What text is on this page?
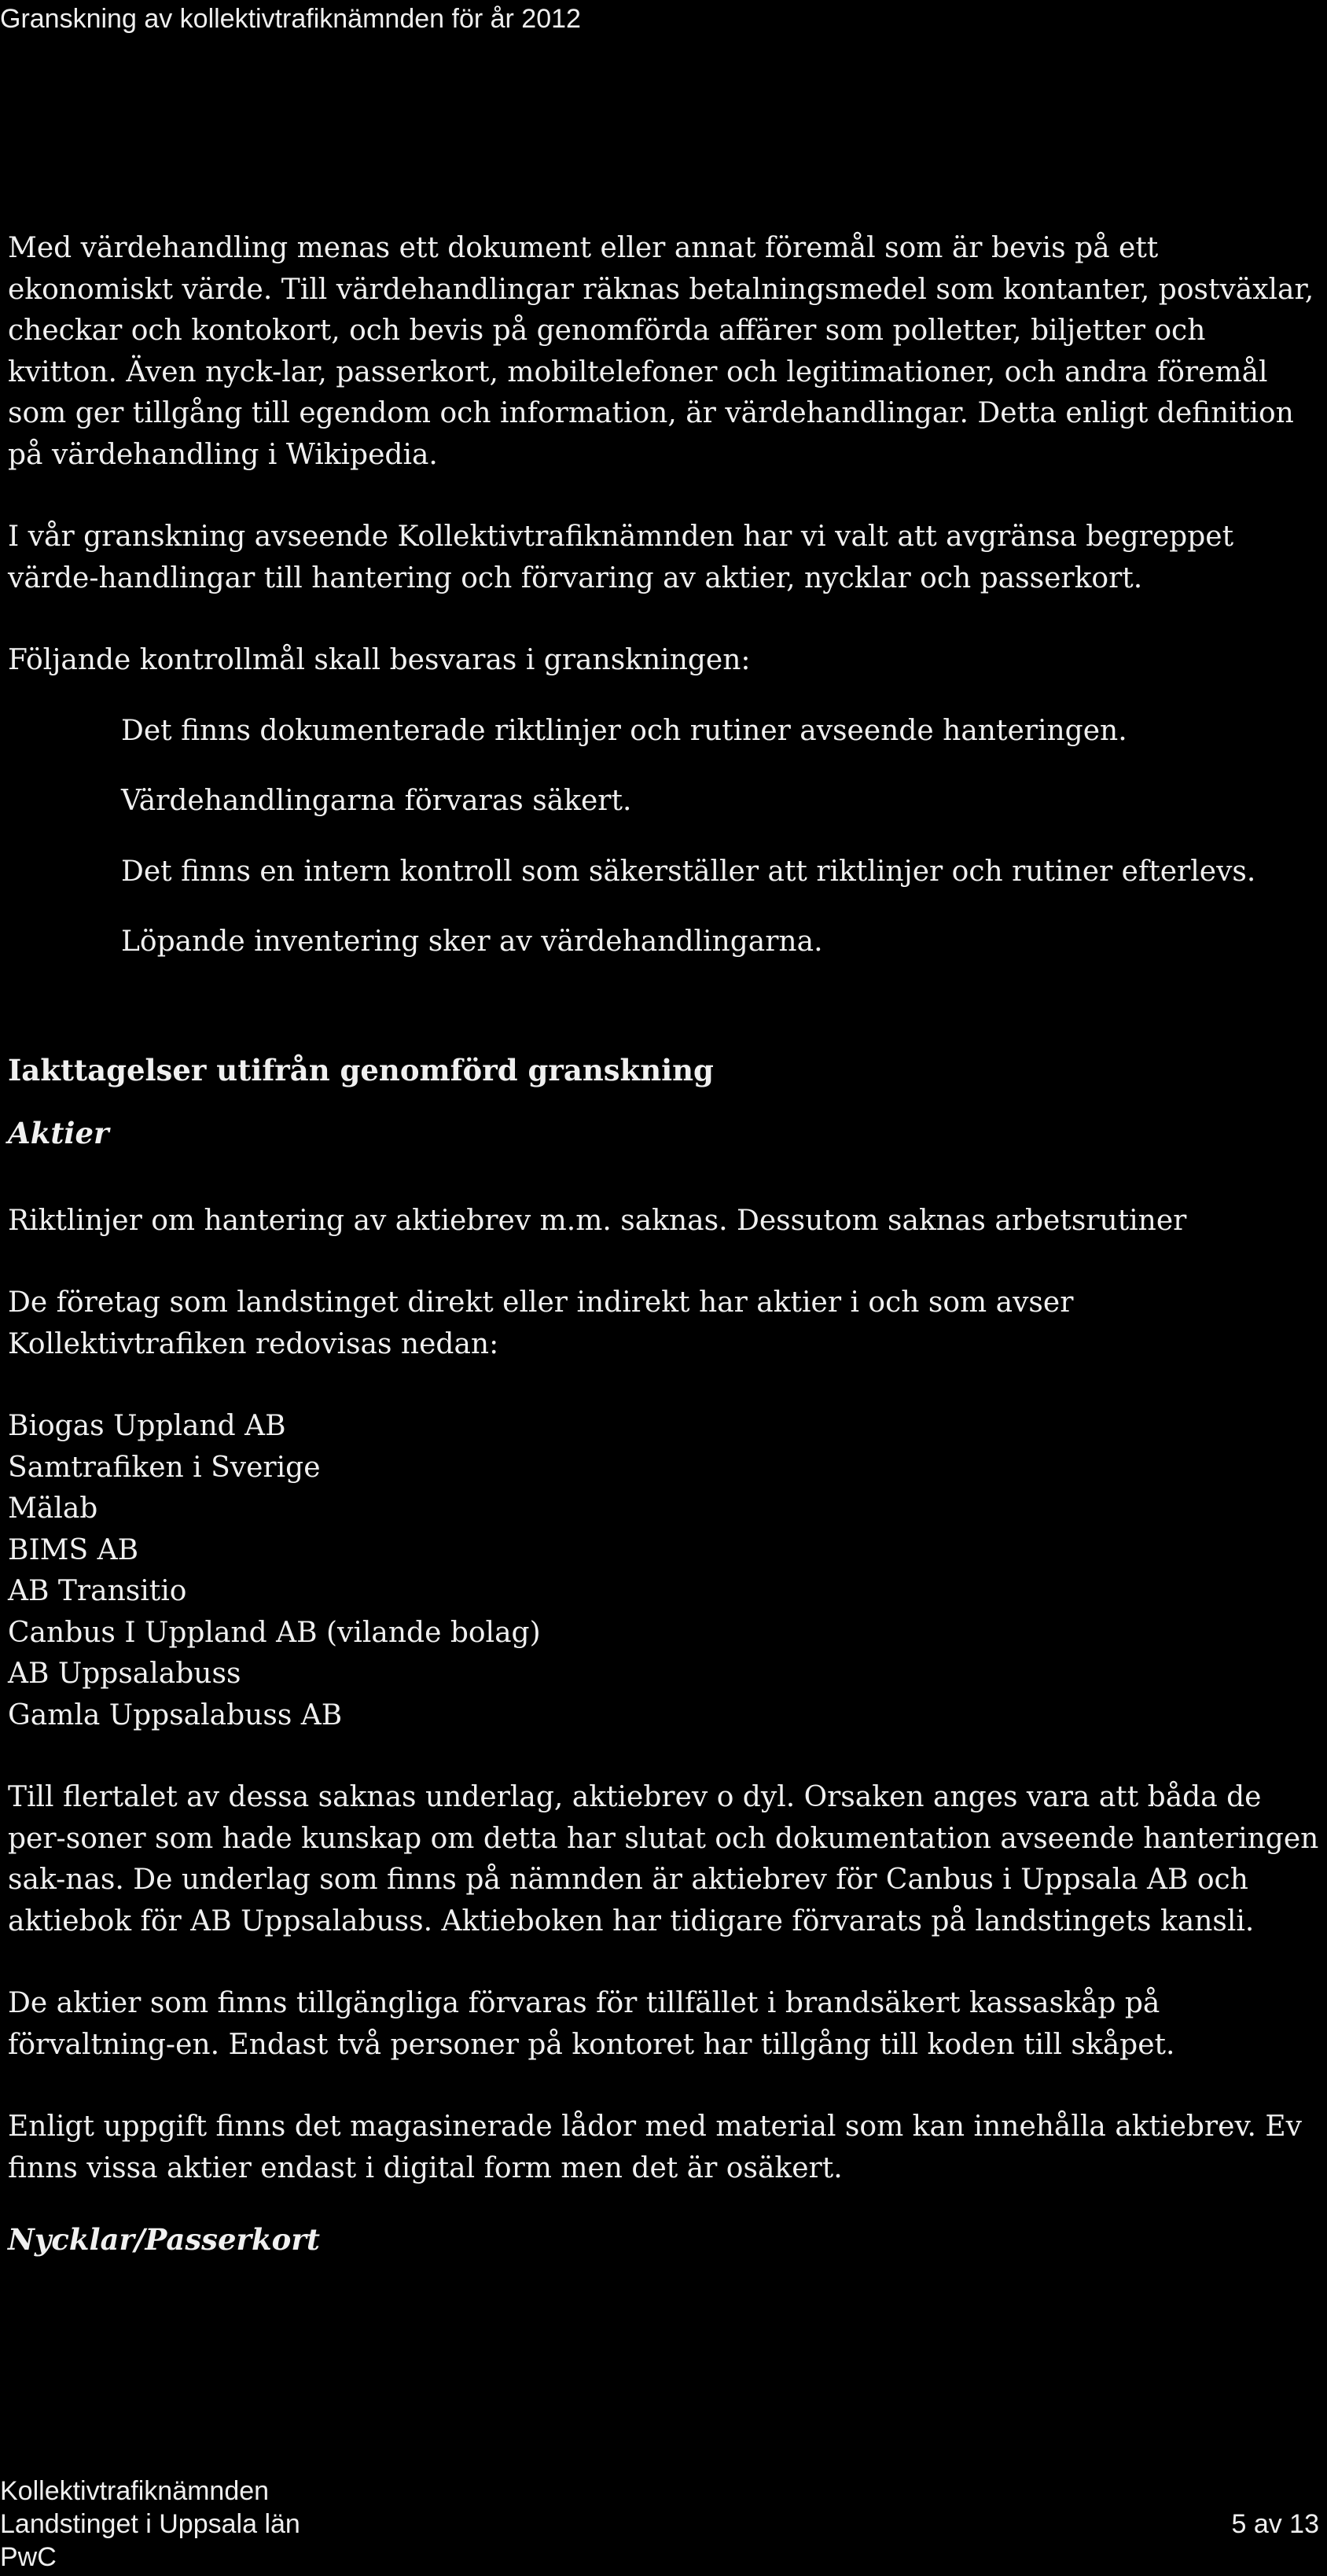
Granskning av kollektivtrafiknämnden för år 2012

Med värdehandling menas ett dokument eller annat föremål som är bevis på ett ekonomiskt värde. Till värdehandlingar räknas betalningsmedel som kontanter, postväxlar, checkar och kontokort, och bevis på genomförda affärer som polletter, biljetter och kvitton. Även nyck-lar, passerkort, mobiltelefoner och legitimationer, och andra föremål som ger tillgång till egendom och information, är värdehandlingar. Detta enligt definition på värdehandling i Wikipedia.

I vår granskning avseende Kollektivtrafiknämnden har vi valt att avgränsa begreppet värde-handlingar till hantering och förvaring av aktier, nycklar och passerkort.

Följande kontrollmål skall besvaras i granskningen:

Det finns dokumenterade riktlinjer och rutiner avseende hanteringen.
Värdehandlingarna förvaras säkert.
Det finns en intern kontroll som säkerställer att riktlinjer och rutiner efterlevs.
Löpande inventering sker av värdehandlingarna.
Iakttagelser utifrån genomförd granskning
Aktier

Riktlinjer om hantering av aktiebrev m.m. saknas. Dessutom saknas arbetsrutiner

De företag som landstinget direkt eller indirekt har aktier i och som avser Kollektivtrafiken redovisas nedan:

Biogas Uppland AB
Samtrafiken i Sverige
Mälab
BIMS AB
AB Transitio
Canbus I Uppland AB (vilande bolag)
AB Uppsalabuss
Gamla Uppsalabuss AB

Till flertalet av dessa saknas underlag, aktiebrev o dyl. Orsaken anges vara att båda de per-soner som hade kunskap om detta har slutat och dokumentation avseende hanteringen sak-nas. De underlag som finns på nämnden är aktiebrev för Canbus i Uppsala AB och aktiebok för AB Uppsalabuss. Aktieboken har tidigare förvarats på landstingets kansli.

De aktier som finns tillgängliga förvaras för tillfället i brandsäkert kassaskåp på förvaltning-en. Endast två personer på kontoret har tillgång till koden till skåpet.

Enligt uppgift finns det magasinerade lådor med material som kan innehålla aktiebrev. Ev finns vissa aktier endast i digital form men det är osäkert.

Nycklar/Passerkort
Kollektivtrafiknämnden
Landstinget i Uppsala län
PwC
5 av 13
